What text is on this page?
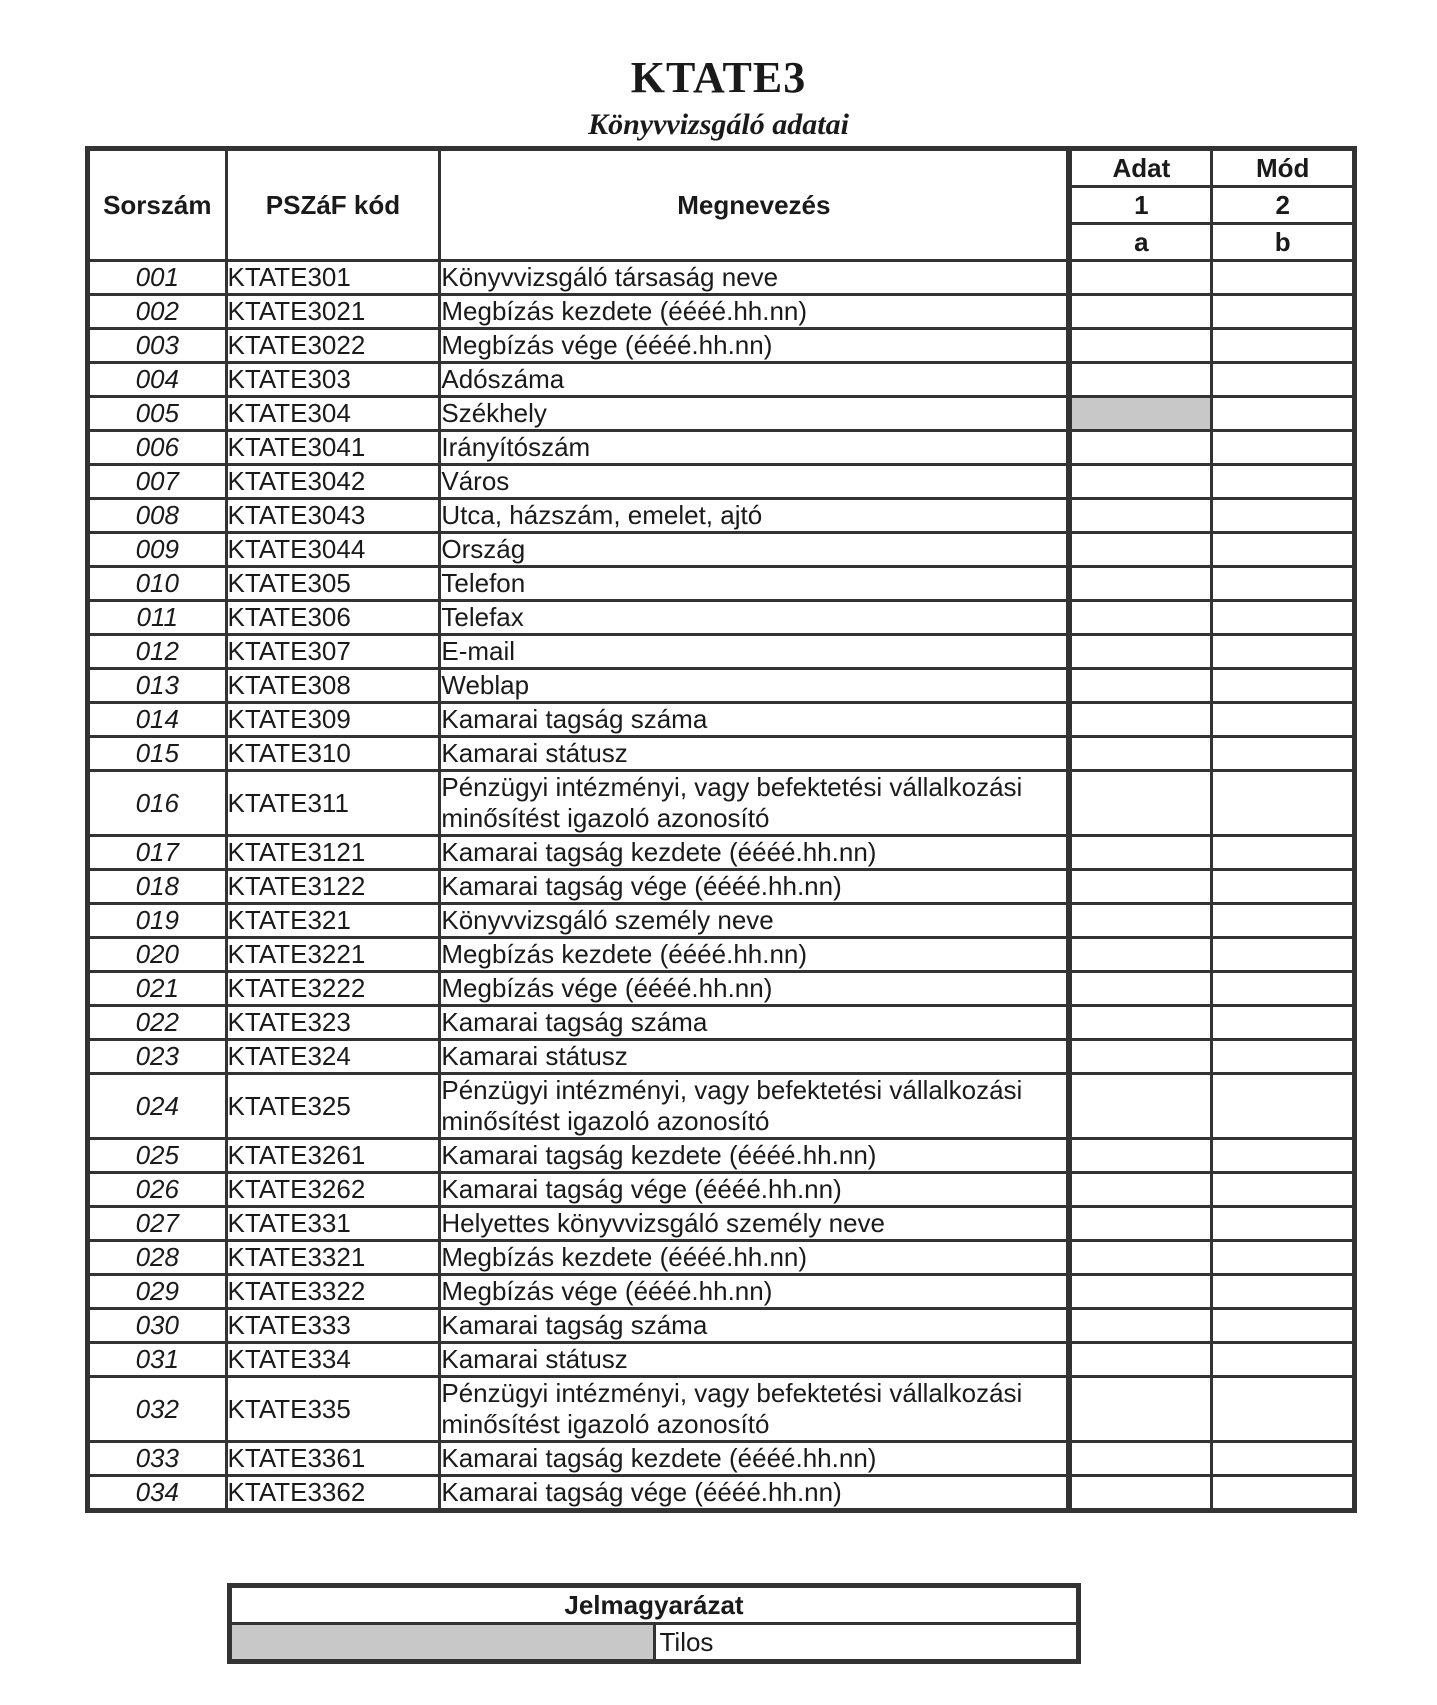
KTATE3
Könyvvizsgáló adatai
Sorszám	PSZáF kód	Megnevezés	Adat	Mód
			1	2
			a	b
001	KTATE301	Könyvvizsgáló társaság neve		

002	KTATE3021	Megbízás kezdete (éééé.hh.nn)		

003	KTATE3022	Megbízás vége (éééé.hh.nn)		

004	KTATE303	Adószáma		

005	KTATE304	Székhely		

006	KTATE3041	Irányítószám		

007	KTATE3042	Város		

008	KTATE3043	Utca, házszám, emelet, ajtó		

009	KTATE3044	Ország		

010	KTATE305	Telefon		

011	KTATE306	Telefax		

012	KTATE307	E-mail		

013	KTATE308	Weblap		

014	KTATE309	Kamarai tagság száma		

015	KTATE310	Kamarai státusz		

016	KTATE311	Pénzügyi intézményi, vagy befektetési vállalkozási
minősítést igazoló azonosító		

017	KTATE3121	Kamarai tagság kezdete (éééé.hh.nn)		

018	KTATE3122	Kamarai tagság vége (éééé.hh.nn)		

019	KTATE321	Könyvvizsgáló személy neve		

020	KTATE3221	Megbízás kezdete (éééé.hh.nn)		

021	KTATE3222	Megbízás vége (éééé.hh.nn)		

022	KTATE323	Kamarai tagság száma		

023	KTATE324	Kamarai státusz		

024	KTATE325	Pénzügyi intézményi, vagy befektetési vállalkozási
minősítést igazoló azonosító		

025	KTATE3261	Kamarai tagság kezdete (éééé.hh.nn)		

026	KTATE3262	Kamarai tagság vége (éééé.hh.nn)		

027	KTATE331	Helyettes könyvvizsgáló személy neve		

028	KTATE3321	Megbízás kezdete (éééé.hh.nn)		

029	KTATE3322	Megbízás vége (éééé.hh.nn)		

030	KTATE333	Kamarai tagság száma		

031	KTATE334	Kamarai státusz		

032	KTATE335	Pénzügyi intézményi, vagy befektetési vállalkozási
minősítést igazoló azonosító		

033	KTATE3361	Kamarai tagság kezdete (éééé.hh.nn)		

034	KTATE3362	Kamarai tagság vége (éééé.hh.nn)		

Jelmagyarázat
	Tilos
